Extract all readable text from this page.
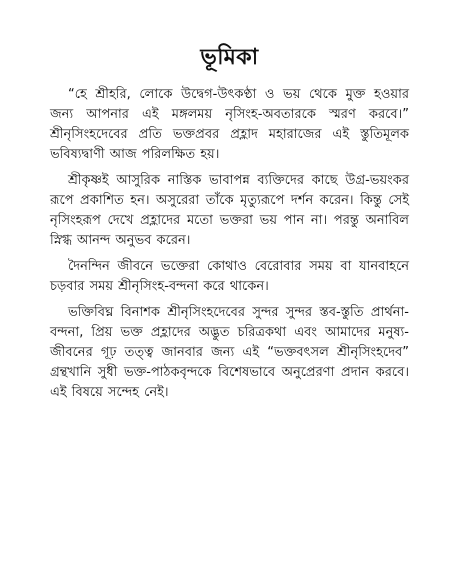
ভূমিকা

“হে শ্রীহরি, লোকে উদ্বেগ-উৎকণ্ঠা ও ভয় থেকে মুক্ত হওয়ার জন্য আপনার এই মঙ্গলময় নৃসিংহ-অবতারকে স্মরণ করবে।” শ্রীনৃসিংহদেবের প্রতি ভক্তপ্রবর প্রহ্লাদ মহারাজের এই স্তুতিমূলক ভবিষ্যদ্বাণী আজ পরিলক্ষিত হয়।

শ্রীকৃষ্ণই আসুরিক নাস্তিক ভাবাপন্ন ব্যক্তিদের কাছে উগ্র-ভয়ংকর রূপে প্রকাশিত হন। অসুরেরা তাঁকে মৃত্যুরূপে দর্শন করেন। কিন্তু সেই নৃসিংহরূপ দেখে প্রহ্লাদের মতো ভক্তরা ভয় পান না। পরন্তু অনাবিল স্নিগ্ধ আনন্দ অনুভব করেন।

দৈনন্দিন জীবনে ভক্তেরা কোথাও বেরোবার সময় বা যানবাহনে চড়বার সময় শ্রীনৃসিংহ-বন্দনা করে থাকেন।

ভক্তিবিঘ্ন বিনাশক শ্রীনৃসিংহদেবের সুন্দর সুন্দর স্তব-স্তুতি প্রার্থনা-বন্দনা, প্রিয় ভক্ত প্রহ্লাদের অদ্ভুত চরিত্রকথা এবং আমাদের মনুষ্য-জীবনের গূঢ় তত্ত্ব জানবার জন্য এই “ভক্তবৎসল শ্রীনৃসিংহদেব” গ্রন্থখানি সুধী ভক্ত-পাঠকবৃন্দকে বিশেষভাবে অনুপ্রেরণা প্রদান করবে। এই বিষয়ে সন্দেহ নেই।
